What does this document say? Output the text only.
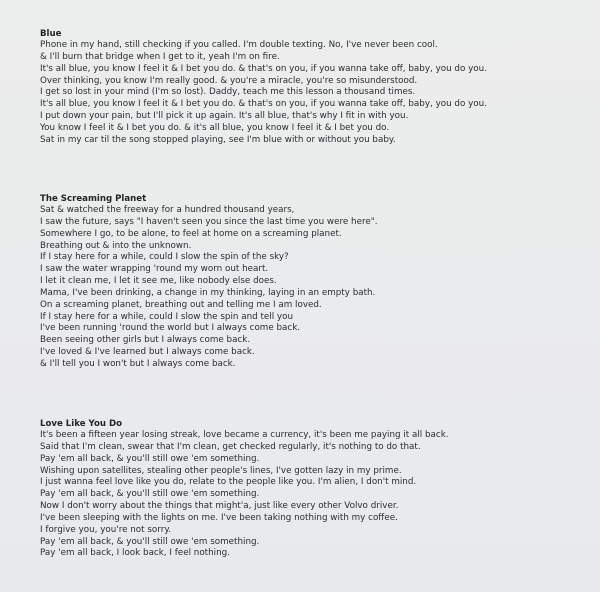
Blue
Phone in my hand, still checking if you called. I'm double texting. No, I've never been cool.
& I'll burn that bridge when I get to it, yeah I'm on fire.
It's all blue, you know I feel it & I bet you do. & that's on you, if you wanna take off, baby, you do you.
Over thinking, you know I'm really good. & you're a miracle, you're so misunderstood.
I get so lost in your mind (I'm so lost). Daddy, teach me this lesson a thousand times.
It's all blue, you know I feel it & I bet you do. & that's on you, if you wanna take off, baby, you do you.
I put down your pain, but I'll pick it up again. It's all blue, that's why I fit in with you.
You know I feel it & I bet you do. & it's all blue, you know I feel it & I bet you do.
Sat in my car til the song stopped playing, see I'm blue with or without you baby.
The Screaming Planet
Sat & watched the freeway for a hundred thousand years,
I saw the future, says "I haven't seen you since the last time you were here".
Somewhere I go, to be alone, to feel at home on a screaming planet.
Breathing out & into the unknown.
If I stay here for a while, could I slow the spin of the sky?
I saw the water wrapping 'round my worn out heart.
I let it clean me, I let it see me, like nobody else does.
Mama, I've been drinking, a change in my thinking, laying in an empty bath.
On a screaming planet, breathing out and telling me I am loved.
If I stay here for a while, could I slow the spin and tell you
I've been running 'round the world but I always come back.
Been seeing other girls but I always come back.
I've loved & I've learned but I always come back.
& I'll tell you I won't but I always come back.
Love Like You Do
It's been a fifteen year losing streak, love became a currency, it's been me paying it all back.
Said that I'm clean, swear that I'm clean, get checked regularly, it's nothing to do that.
Pay 'em all back, & you'll still owe 'em something.
Wishing upon satellites, stealing other people's lines, I've gotten lazy in my prime.
I just wanna feel love like you do, relate to the people like you. I'm alien, I don't mind.
Pay 'em all back, & you'll still owe 'em something.
Now I don't worry about the things that might'a, just like every other Volvo driver.
I've been sleeping with the lights on me. I've been taking nothing with my coffee.
I forgive you, you're not sorry.
Pay 'em all back, & you'll still owe 'em something.
Pay 'em all back, I look back, I feel nothing.
